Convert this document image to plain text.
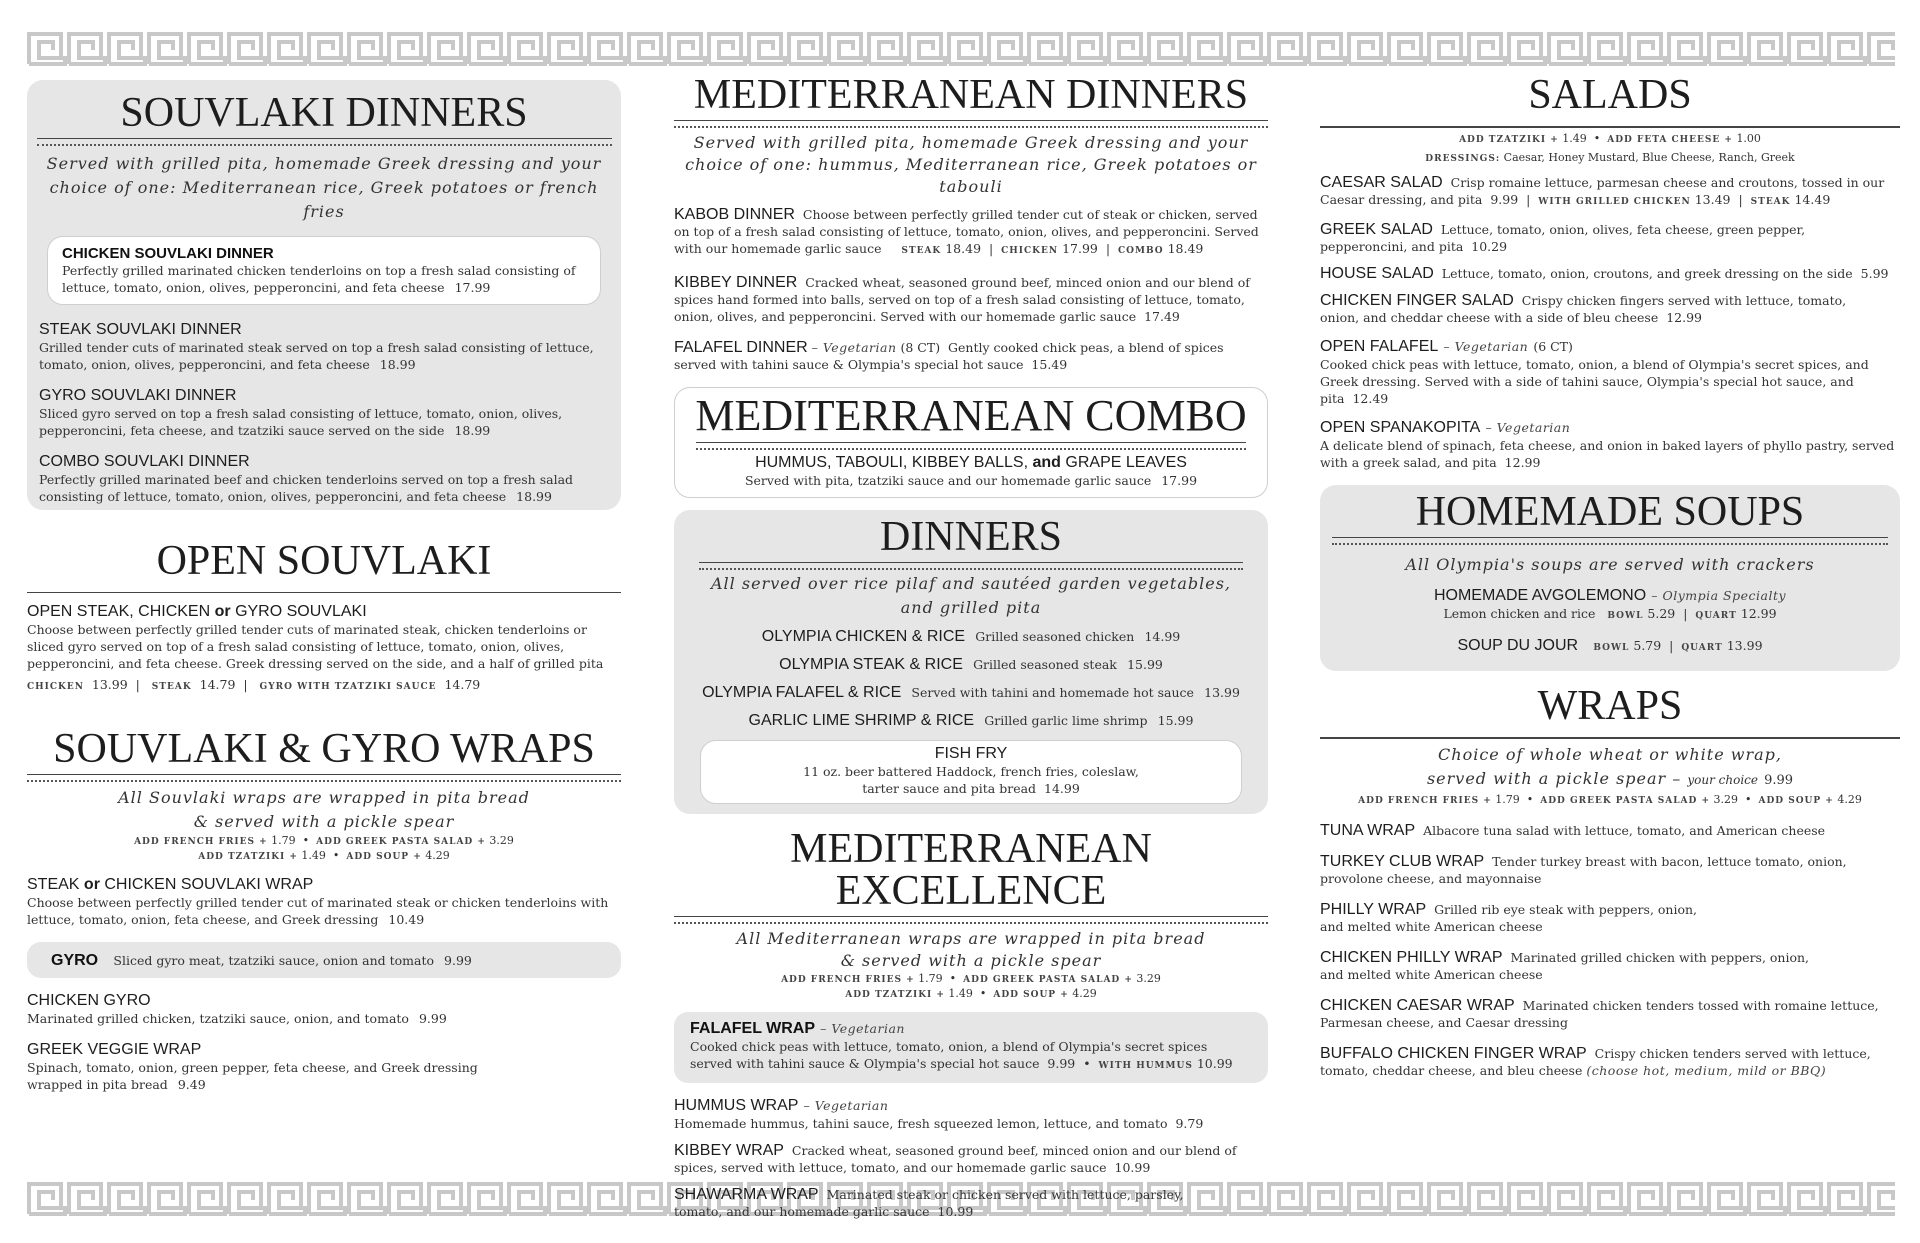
SOUVLAKI DINNERS
Served with grilled pita, homemade Greek dressing and your choice of one: Mediterranean rice, Greek potatoes or french fries
CHICKEN SOUVLAKI DINNER
Perfectly grilled marinated chicken tenderloins on top a fresh salad consisting of lettuce, tomato, onion, olives, pepperoncini, and feta cheese 17.99
STEAK SOUVLAKI DINNER
Grilled tender cuts of marinated steak served on top a fresh salad consisting of lettuce, tomato, onion, olives, pepperoncini, and feta cheese 18.99
GYRO SOUVLAKI DINNER
Sliced gyro served on top a fresh salad consisting of lettuce, tomato, onion, olives, pepperoncini, feta cheese, and tzatziki sauce served on the side 18.99
COMBO SOUVLAKI DINNER
Perfectly grilled marinated beef and chicken tenderloins served on top a fresh salad consisting of lettuce, tomato, onion, olives, pepperoncini, and feta cheese 18.99
OPEN SOUVLAKI
OPEN STEAK, CHICKEN or GYRO SOUVLAKI
Choose between perfectly grilled tender cuts of marinated steak, chicken tenderloins or sliced gyro served on top of a fresh salad consisting of lettuce, tomato, onion, olives, pepperoncini, and feta cheese. Greek dressing served on the side, and a half of grilled pita
CHICKEN 13.99  |   STEAK 14.79  |   GYRO WITH TZATZIKI SAUCE 14.79
SOUVLAKI & GYRO WRAPS
All Souvlaki wraps are wrapped in pita bread
& served with a pickle spear
ADD FRENCH FRIES + 1.79  •  ADD GREEK PASTA SALAD + 3.29
ADD TZATZIKI + 1.49  •  ADD SOUP + 4.29
STEAK or CHICKEN SOUVLAKI WRAP
Choose between perfectly grilled tender cut of marinated steak or chicken tenderloins with lettuce, tomato, onion, feta cheese, and Greek dressing 10.49
GYRO Sliced gyro meat, tzatziki sauce, onion and tomato 9.99
CHICKEN GYRO
Marinated grilled chicken, tzatziki sauce, onion, and tomato 9.99
GREEK VEGGIE WRAP
Spinach, tomato, onion, green pepper, feta cheese, and Greek dressing wrapped in pita bread 9.49
MEDITERRANEAN DINNERS
Served with grilled pita, homemade Greek dressing and your choice of one: hummus, Mediterranean rice, Greek potatoes or tabouli
KABOB DINNER Choose between perfectly grilled tender cut of steak or chicken, served on top of a fresh salad consisting of lettuce, tomato, onion, olives, and pepperoncini. Served with our homemade garlic sauce STEAK 18.49  |  CHICKEN 17.99  |  COMBO 18.49
KIBBEY DINNER Cracked wheat, seasoned ground beef, minced onion and our blend of spices hand formed into balls, served on top of a fresh salad consisting of lettuce, tomato, onion, olives, and pepperoncini. Served with our homemade garlic sauce 17.49
FALAFEL DINNER – Vegetarian (8 CT) Gently cooked chick peas, a blend of spices served with tahini sauce & Olympia's special hot sauce 15.49
MEDITERRANEAN COMBO
HUMMUS, TABOULI, KIBBEY BALLS, and GRAPE LEAVES
Served with pita, tzatziki sauce and our homemade garlic sauce 17.99
DINNERS
All served over rice pilaf and sautéed garden vegetables,
and grilled pita
OLYMPIA CHICKEN & RICE Grilled seasoned chicken 14.99
OLYMPIA STEAK & RICE Grilled seasoned steak 15.99
OLYMPIA FALAFEL & RICE Served with tahini and homemade hot sauce 13.99
GARLIC LIME SHRIMP & RICE Grilled garlic lime shrimp 15.99
FISH FRY
11 oz. beer battered Haddock, french fries, coleslaw,
tarter sauce and pita bread 14.99
MEDITERRANEAN EXCELLENCE
All Mediterranean wraps are wrapped in pita bread
& served with a pickle spear
ADD FRENCH FRIES + 1.79  •  ADD GREEK PASTA SALAD + 3.29
ADD TZATZIKI + 1.49  •  ADD SOUP + 4.29
FALAFEL WRAP – Vegetarian
Cooked chick peas with lettuce, tomato, onion, a blend of Olympia's secret spices served with tahini sauce & Olympia's special hot sauce 9.99  •  WITH HUMMUS 10.99
HUMMUS WRAP – Vegetarian
Homemade hummus, tahini sauce, fresh squeezed lemon, lettuce, and tomato 9.79
KIBBEY WRAP Cracked wheat, seasoned ground beef, minced onion and our blend of spices, served with lettuce, tomato, and our homemade garlic sauce 10.99
SHAWARMA WRAP Marinated steak or chicken served with lettuce, parsley, tomato, and our homemade garlic sauce 10.99
SALADS
ADD TZATZIKI + 1.49  •  ADD FETA CHEESE + 1.00
DRESSINGS: Caesar, Honey Mustard, Blue Cheese, Ranch, Greek
CAESAR SALAD Crisp romaine lettuce, parmesan cheese and croutons, tossed in our Caesar dressing, and pita 9.99  |  WITH GRILLED CHICKEN 13.49  |  STEAK 14.49
GREEK SALAD Lettuce, tomato, onion, olives, feta cheese, green pepper, pepperoncini, and pita 10.29
HOUSE SALAD Lettuce, tomato, onion, croutons, and greek dressing on the side 5.99
CHICKEN FINGER SALAD Crispy chicken fingers served with lettuce, tomato, onion, and cheddar cheese with a side of bleu cheese 12.99
OPEN FALAFEL – Vegetarian (6 CT)
Cooked chick peas with lettuce, tomato, onion, a blend of Olympia's secret spices, and Greek dressing. Served with a side of tahini sauce, Olympia's special hot sauce, and pita 12.49
OPEN SPANAKOPITA – Vegetarian
A delicate blend of spinach, feta cheese, and onion in baked layers of phyllo pastry, served with a greek salad, and pita 12.99
HOMEMADE SOUPS
All Olympia's soups are served with crackers
HOMEMADE AVGOLEMONO – Olympia Specialty
Lemon chicken and rice BOWL 5.29  |  QUART 12.99
SOUP DU JOUR BOWL 5.79  |  QUART 13.99
WRAPS
Choice of whole wheat or white wrap,
served with a pickle spear – your choice 9.99
ADD FRENCH FRIES + 1.79  •  ADD GREEK PASTA SALAD + 3.29  •  ADD SOUP + 4.29
TUNA WRAP Albacore tuna salad with lettuce, tomato, and American cheese
TURKEY CLUB WRAP Tender turkey breast with bacon, lettuce tomato, onion, provolone cheese, and mayonnaise
PHILLY WRAP Grilled rib eye steak with peppers, onion, and melted white American cheese
CHICKEN PHILLY WRAP Marinated grilled chicken with peppers, onion, and melted white American cheese
CHICKEN CAESAR WRAP Marinated chicken tenders tossed with romaine lettuce, Parmesan cheese, and Caesar dressing
BUFFALO CHICKEN FINGER WRAP Crispy chicken tenders served with lettuce, tomato, cheddar cheese, and bleu cheese (choose hot, medium, mild or BBQ)
